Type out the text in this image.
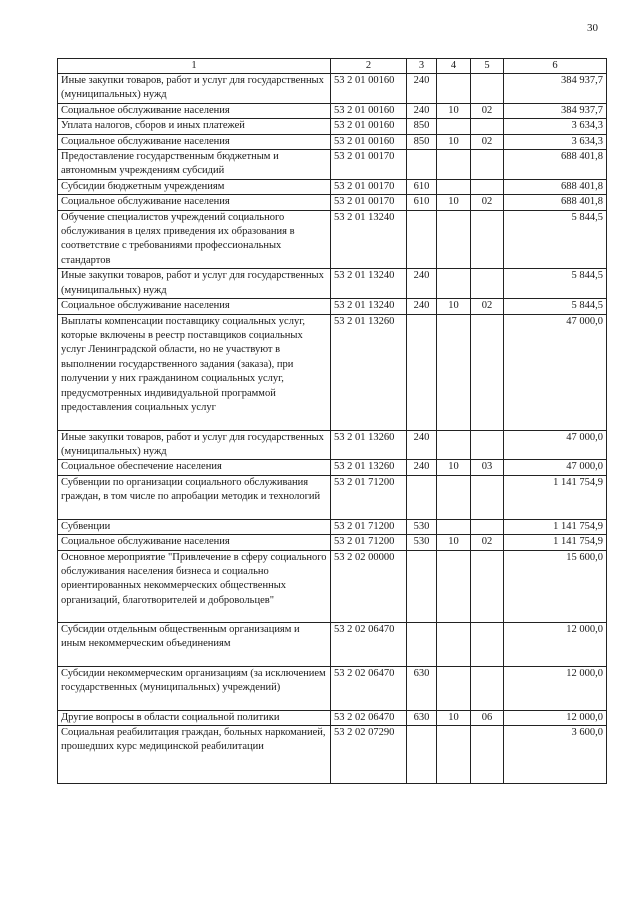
30
1	2	3	4	5	6
Иные закупки товаров, работ и услуг для государственных (муниципальных) нужд	53 2 01 00160	240			384 937,7
Социальное обслуживание населения	53 2 01 00160	240	10	02	384 937,7
Уплата налогов, сборов и иных платежей	53 2 01 00160	850			3 634,3
Социальное обслуживание населения	53 2 01 00160	850	10	02	3 634,3
Предоставление государственным бюджетным и автономным учреждениям субсидий	53 2 01 00170				688 401,8
Субсидии бюджетным учреждениям	53 2 01 00170	610			688 401,8
Социальное обслуживание населения	53 2 01 00170	610	10	02	688 401,8
Обучение специалистов учреждений социального обслуживания в целях приведения их образования в соответствие с требованиями профессиональных стандартов	53 2 01 13240				5 844,5
Иные закупки товаров, работ и услуг для государственных (муниципальных) нужд	53 2 01 13240	240			5 844,5
Социальное обслуживание населения	53 2 01 13240	240	10	02	5 844,5
Выплаты компенсации поставщику социальных услуг, которые включены в реестр поставщиков социальных услуг Ленинградской области, но не участвуют в выполнении государственного задания (заказа), при получении у них гражданином социальных услуг, предусмотренных индивидуальной программой предоставления социальных услуг	53 2 01 13260				47 000,0
Иные закупки товаров, работ и услуг для государственных (муниципальных) нужд	53 2 01 13260	240			47 000,0
Социальное обеспечение населения	53 2 01 13260	240	10	03	47 000,0
Субвенции по организации социального обслуживания граждан, в том числе по апробации методик и технологий	53 2 01 71200				1 141 754,9
Субвенции	53 2 01 71200	530			1 141 754,9
Социальное обслуживание населения	53 2 01 71200	530	10	02	1 141 754,9
Основное мероприятие "Привлечение в сферу социального обслуживания населения бизнеса и социально ориентированных некоммерческих общественных организаций, благотворителей и добровольцев"	53 2 02 00000				15 600,0
Субсидии отдельным общественным организациям и иным некоммерческим объединениям	53 2 02 06470				12 000,0
Субсидии некоммерческим организациям (за исключением государственных (муниципальных) учреждений)	53 2 02 06470	630			12 000,0
Другие вопросы в области социальной политики	53 2 02 06470	630	10	06	12 000,0
Социальная реабилитация граждан, больных наркоманией, прошедших курс медицинской реабилитации	53 2 02 07290				3 600,0
